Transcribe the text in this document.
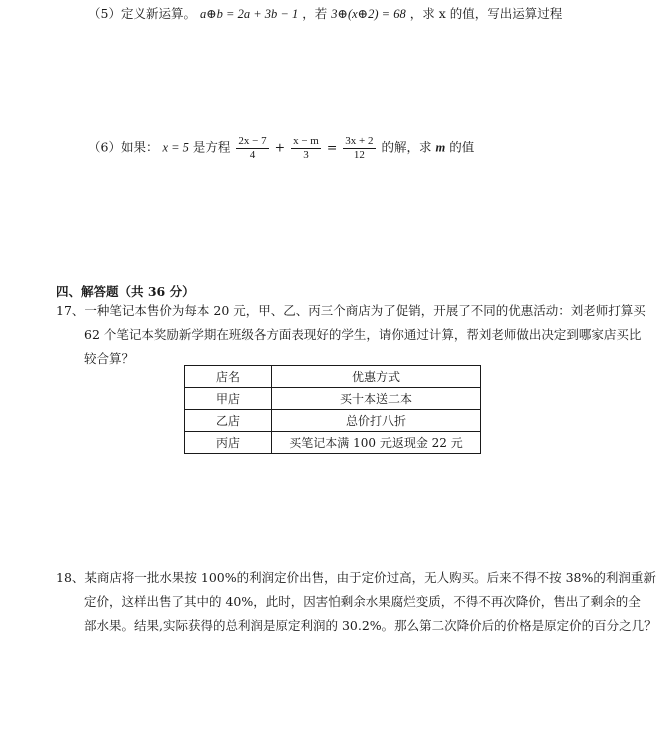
（5）定义新运算。 a⊕b = 2a + 3b − 1 ，若 3⊕(x⊕2) = 68 ，求 x 的值，写出运算过程
（6）如果： x = 5 是方程 $\frac{2x - 7}{4} + \frac{x - m}{3} = \frac{3x + 2}{12}$ 的解，求 m 的值
四、解答题（共 36 分）
17、一种笔记本售价为每本 20 元，甲、乙、丙三个商店为了促销，开展了不同的优惠活动：刘老师打算买
62 个笔记本奖励新学期在班级各方面表现好的学生，请你通过计算，帮刘老师做出决定到哪家店买比
较合算？
店名	优惠方式
甲店	买十本送二本
乙店	总价打八折
丙店	买笔记本满 100 元返现金 22 元
18、某商店将一批水果按 100%的利润定价出售，由于定价过高，无人购买。后来不得不按 38%的利润重新
定价，这样出售了其中的 40%，此时，因害怕剩余水果腐烂变质，不得不再次降价，售出了剩余的全
部水果。结果,实际获得的总利润是原定利润的 30.2%。那么第二次降价后的价格是原定价的百分之几？
